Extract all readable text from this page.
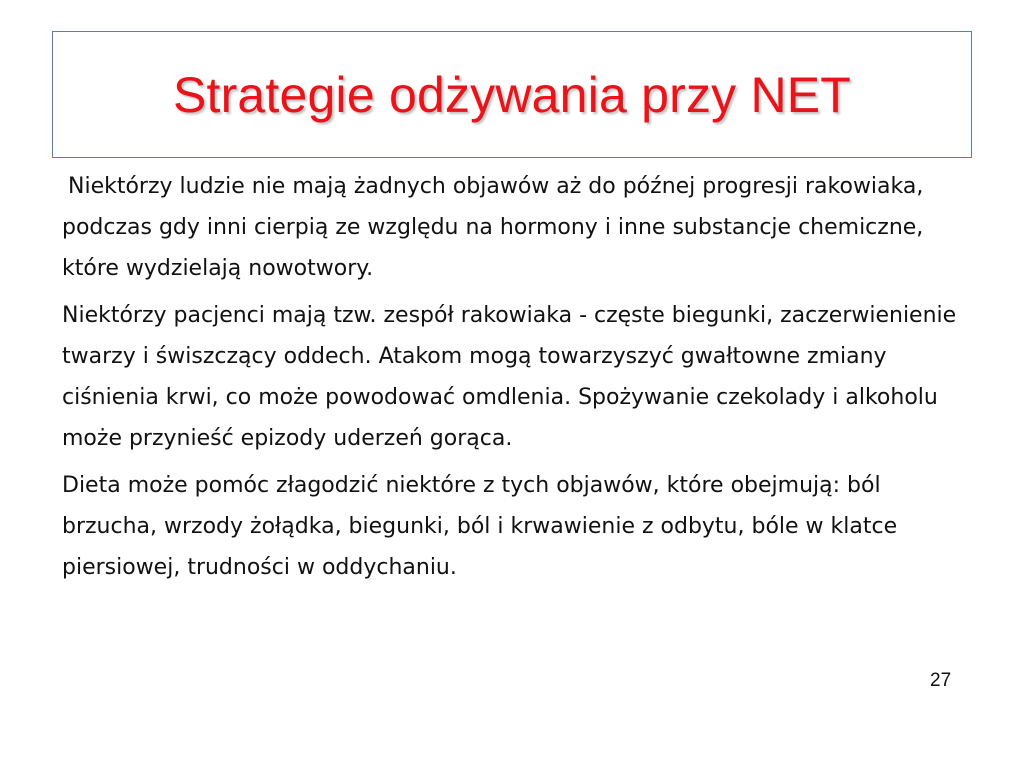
Strategie odżywania przy NET

Niektórzy ludzie nie mają żadnych objawów aż do późnej progresji rakowiaka, podczas gdy inni cierpią ze względu na hormony i inne substancje chemiczne, które wydzielają nowotwory.

Niektórzy pacjenci mają tzw. zespół rakowiaka - częste biegunki, zaczerwienienie twarzy i świszczący oddech. Atakom mogą towarzyszyć gwałtowne zmiany ciśnienia krwi, co może powodować omdlenia. Spożywanie czekolady i alkoholu może przynieść epizody uderzeń gorąca.

Dieta może pomóc złagodzić niektóre z tych objawów, które obejmują: ból brzucha, wrzody żołądka, biegunki, ból i krwawienie z odbytu, bóle w klatce piersiowej, trudności w oddychaniu.

27
